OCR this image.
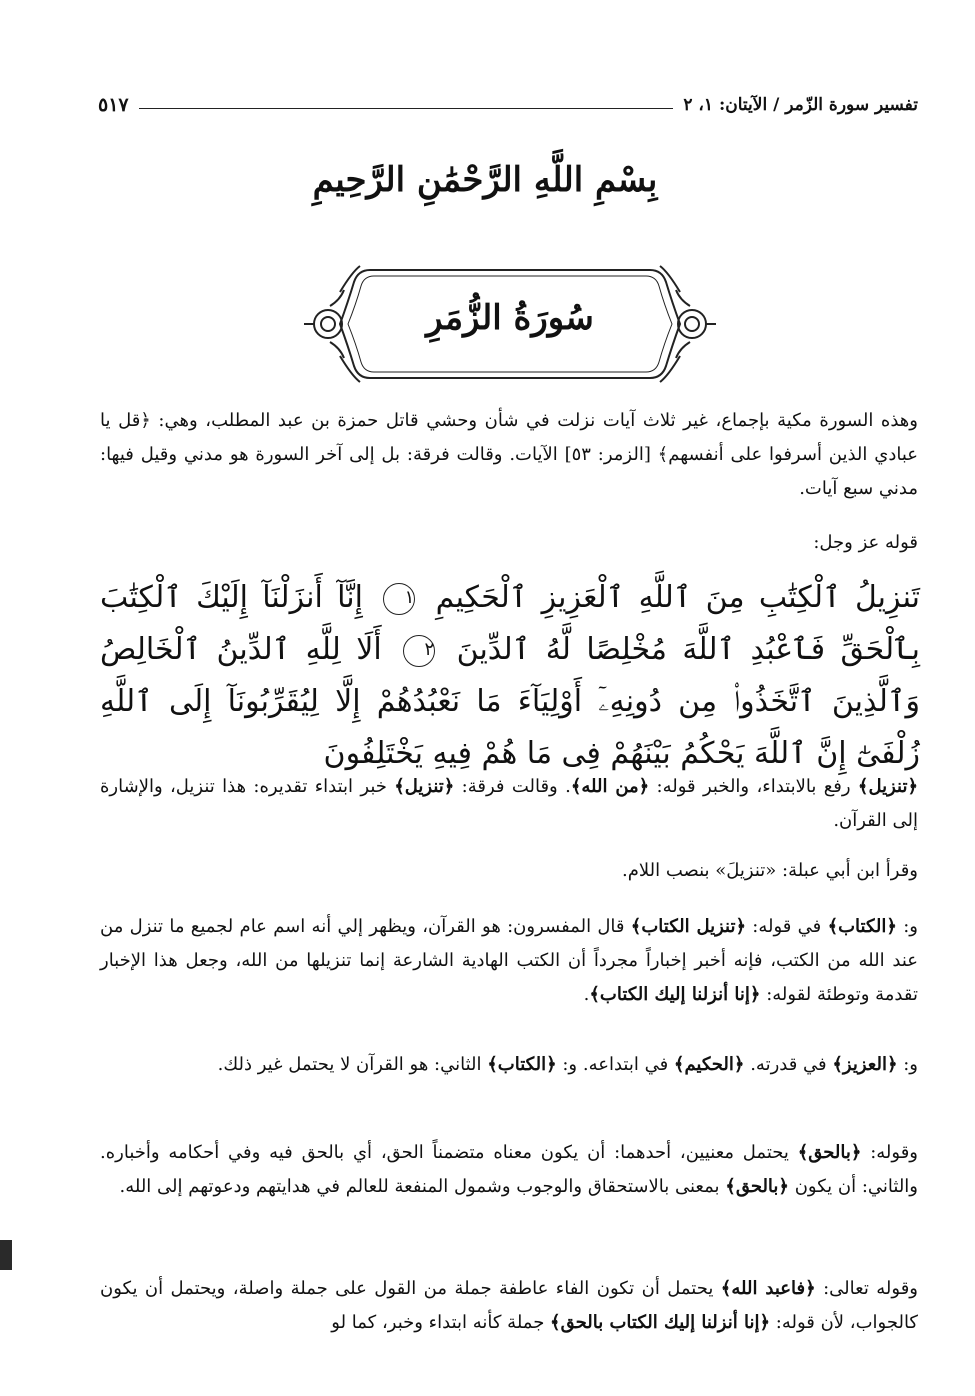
تفسير سورة الزّمر / الآيتان: ١، ٢
٥١٧
بِسْمِ اللَّهِ الرَّحْمَٰنِ الرَّحِيمِ
سُورَةُ الزُّمَرِ
وهذه السورة مكية بإجماع، غير ثلاث آيات نزلت في شأن وحشي قاتل حمزة بن عبد المطلب، وهي: ﴿قل يا عبادي الذين أسرفوا على أنفسهم﴾ [الزمر: ٥٣] الآيات. وقالت فرقة: بل إلى آخر السورة هو مدني وقيل فيها: مدني سبع آيات.
قوله عز وجل:
تَنزِيلُ ٱلْكِتَٰبِ مِنَ ٱللَّهِ ٱلْعَزِيزِ ٱلْحَكِيمِ ١ إِنَّآ أَنزَلْنَآ إِلَيْكَ ٱلْكِتَٰبَ بِٱلْحَقِّ فَٱعْبُدِ ٱللَّهَ مُخْلِصًا لَّهُ ٱلدِّينَ ٢ أَلَا لِلَّهِ ٱلدِّينُ ٱلْخَالِصُ وَٱلَّذِينَ ٱتَّخَذُوا۟ مِن دُونِهِۦٓ أَوْلِيَآءَ مَا نَعْبُدُهُمْ إِلَّا لِيُقَرِّبُونَآ إِلَى ٱللَّهِ زُلْفَىٰٓ إِنَّ ٱللَّهَ يَحْكُمُ بَيْنَهُمْ فِى مَا هُمْ فِيهِ يَخْتَلِفُونَ
﴿تنزيل﴾ رفع بالابتداء، والخبر قوله: ﴿من الله﴾. وقالت فرقة: ﴿تنزيل﴾ خبر ابتداء تقديره: هذا تنزيل، والإشارة إلى القرآن.
وقرأ ابن أبي عبلة: «تنزيلَ» بنصب اللام.
و: ﴿الكتاب﴾ في قوله: ﴿تنزيل الكتاب﴾ قال المفسرون: هو القرآن، ويظهر إلي أنه اسم عام لجميع ما تنزل من عند الله من الكتب، فإنه أخبر إخباراً مجرداً أن الكتب الهادية الشارعة إنما تنزيلها من الله، وجعل هذا الإخبار تقدمة وتوطئة لقوله: ﴿إنا أنزلنا إليك الكتاب﴾.
و: ﴿العزيز﴾ في قدرته. ﴿الحكيم﴾ في ابتداعه. و: ﴿الكتاب﴾ الثاني: هو القرآن لا يحتمل غير ذلك.
وقوله: ﴿بالحق﴾ يحتمل معنيين، أحدهما: أن يكون معناه متضمناً الحق، أي بالحق فيه وفي أحكامه وأخباره. والثاني: أن يكون ﴿بالحق﴾ بمعنى بالاستحقاق والوجوب وشمول المنفعة للعالم في هدايتهم ودعوتهم إلى الله.
وقوله تعالى: ﴿فاعبد الله﴾ يحتمل أن تكون الفاء عاطفة جملة من القول على جملة واصلة، ويحتمل أن يكون كالجواب، لأن قوله: ﴿إنا أنزلنا إليك الكتاب بالحق﴾ جملة كأنه ابتداء وخبر، كما لو
